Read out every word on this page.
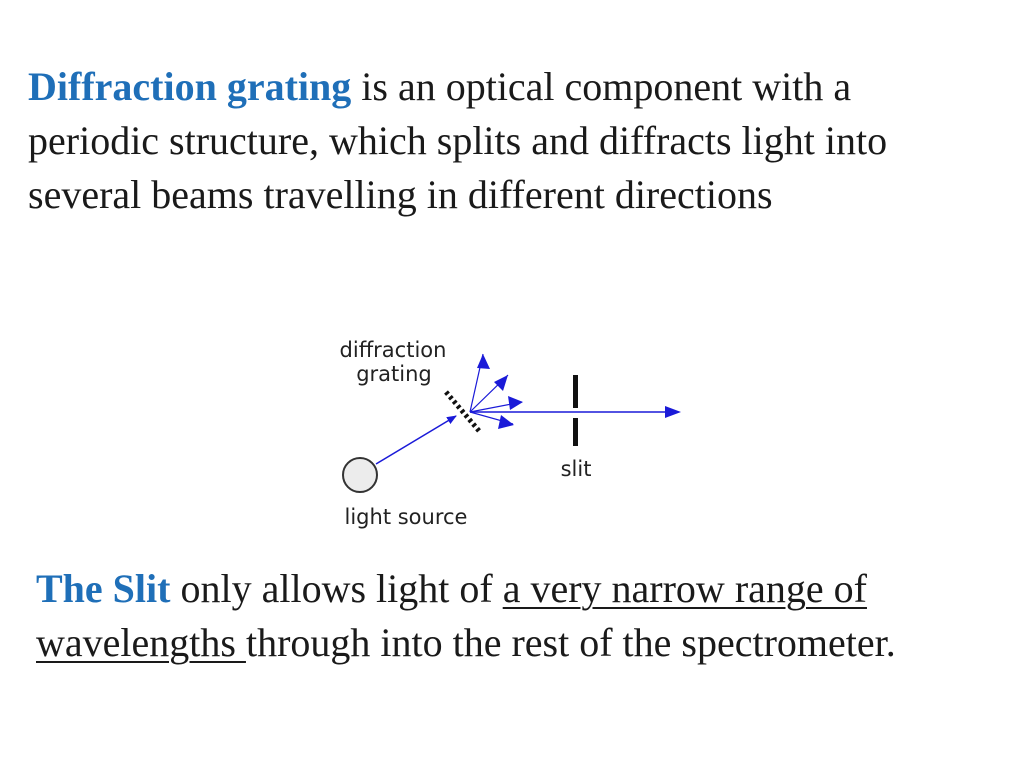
Diffraction grating is an optical component with a periodic structure, which splits and diffracts light into several beams travelling in different directions

diffraction
grating
slit
light source

The Slit only allows light of a very narrow range of wavelengths through into the rest of the spectrometer.
